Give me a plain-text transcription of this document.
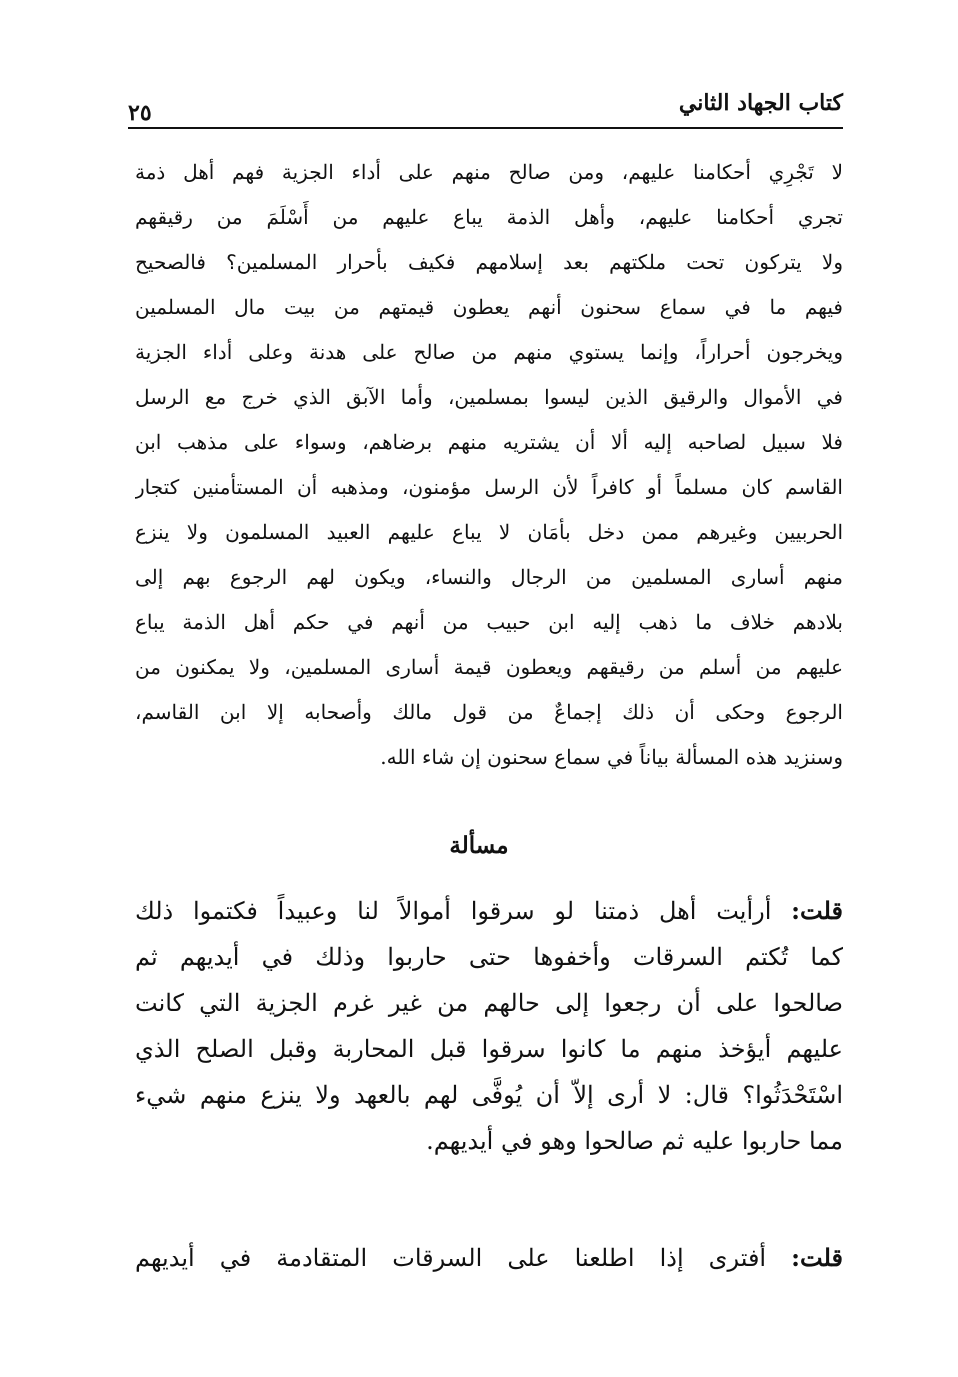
كتاب الجهاد الثاني
٢٥
لا تَجْرِي أحكامنا عليهم، ومن صالح منهم على أداء الجزية فهم أهل ذمة
تجري أحكامنا عليهم، وأهل الذمة يباع عليهم من أَسْلَمَ من رقيقهم
ولا يتركون تحت ملكتهم بعد إسلامهم فكيف بأحرار المسلمين؟ فالصحيح
فيهم ما في سماع سحنون أنهم يعطون قيمتهم من بيت مال المسلمين
ويخرجون أحراراً، وإنما يستوي منهم من صالح على هدنة وعلى أداء الجزية
في الأموال والرقيق الذين ليسوا بمسلمين، وأما الآبق الذي خرج مع الرسل
فلا سبيل لصاحبه إليه ألا أن يشتريه منهم برضاهم، وسواء على مذهب ابن
القاسم كان مسلماً أو كافراً لأن الرسل مؤمنون، ومذهبه أن المستأمنين كتجار
الحربيين وغيرهم ممن دخل بأمَان لا يباع عليهم العبيد المسلمون ولا ينزع
منهم أسارى المسلمين من الرجال والنساء، ويكون لهم الرجوع بهم إلى
بلادهم خلاف ما ذهب إليه ابن حبيب من أنهم في حكم أهل الذمة يباع
عليهم من أسلم من رقيقهم ويعطون قيمة أسارى المسلمين، ولا يمكنون من
الرجوع وحكى أن ذلك إجماعٌ من قول مالك وأصحابه إلا ابن القاسم،
وسنزيد هذه المسألة بياناً في سماع سحنون إن شاء الله.
مسألة
قلت: أرأيت أهل ذمتنا لو سرقوا أموالاً لنا وعبيداً فكتموا ذلك
كما تُكتم السرقات وأخفوها حتى حاربوا وذلك في أيديهم ثم
صالحوا على أن رجعوا إلى حالهم من غير غرم الجزية التي كانت
عليهم أيؤخذ منهم ما كانوا سرقوا قبل المحاربة وقبل الصلح الذي
اسْتَحْدَثُوا؟ قال: لا أرى إلاّ أن يُوفَّى لهم بالعهد ولا ينزع منهم شيء
مما حاربوا عليه ثم صالحوا وهو في أيديهم.
قلت: أفترى إذا اطلعنا على السرقات المتقادمة في أيديهم
